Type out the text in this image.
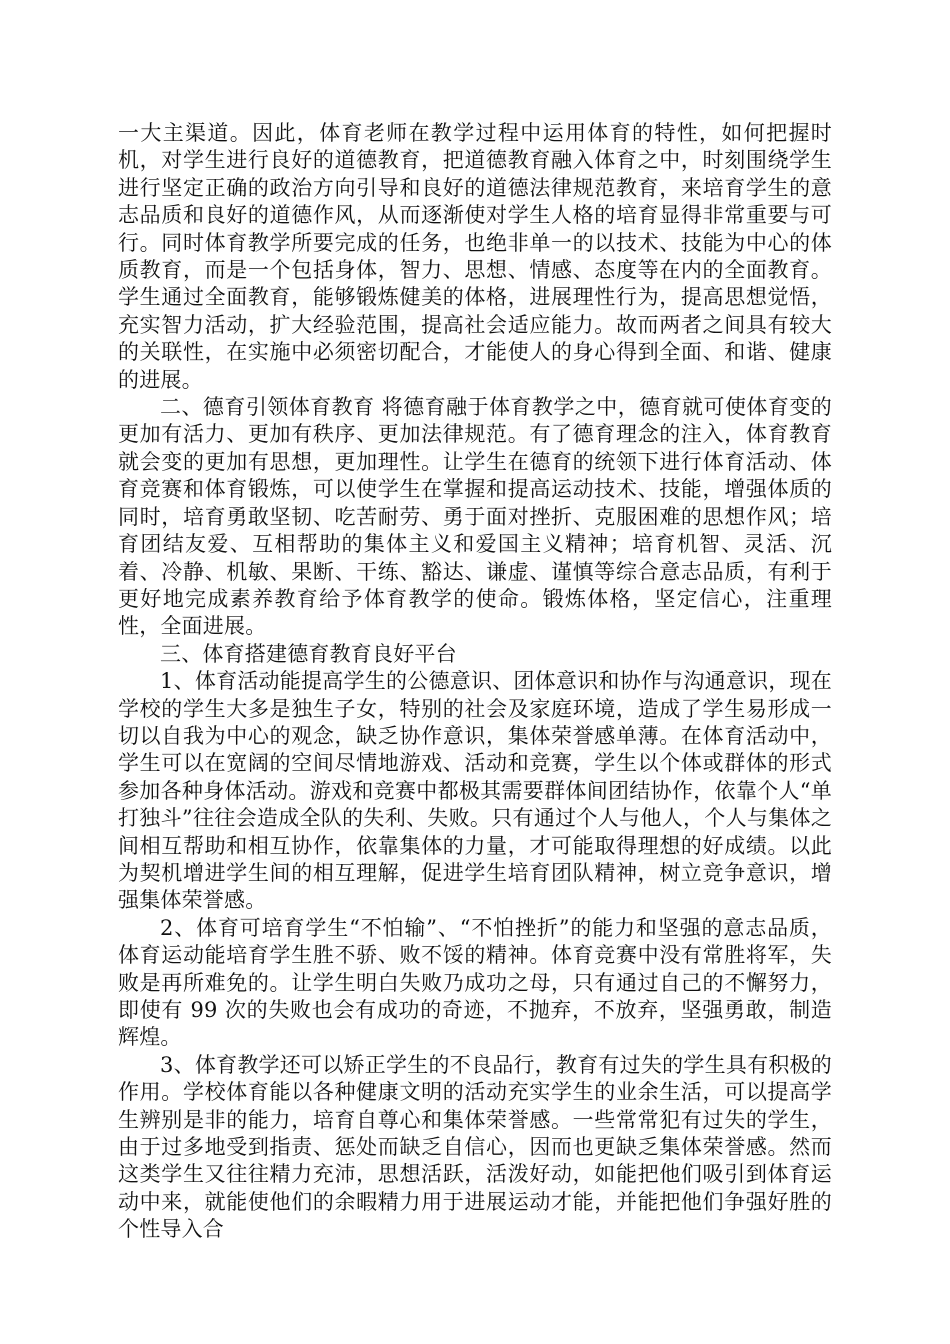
一大主渠道。因此，体育老师在教学过程中运用体育的特性，如何把握时机，对学生进行良好的道德教育，把道德教育融入体育之中，时刻围绕学生进行坚定正确的政治方向引导和良好的道德法律规范教育，来培育学生的意志品质和良好的道德作风，从而逐渐使对学生人格的培育显得非常重要与可行。同时体育教学所要完成的任务，也绝非单一的以技术、技能为中心的体质教育，而是一个包括身体，智力、思想、情感、态度等在内的全面教育。学生通过全面教育，能够锻炼健美的体格，进展理性行为，提高思想觉悟，充实智力活动，扩大经验范围，提高社会适应能力。故而两者之间具有较大的关联性，在实施中必须密切配合，才能使人的身心得到全面、和谐、健康的进展。

二、德育引领体育教育 将德育融于体育教学之中，德育就可使体育变的更加有活力、更加有秩序、更加法律规范。有了德育理念的注入，体育教育就会变的更加有思想，更加理性。让学生在德育的统领下进行体育活动、体育竞赛和体育锻炼，可以使学生在掌握和提高运动技术、技能，增强体质的同时，培育勇敢坚韧、吃苦耐劳、勇于面对挫折、克服困难的思想作风；培育团结友爱、互相帮助的集体主义和爱国主义精神；培育机智、灵活、沉着、冷静、机敏、果断、干练、豁达、谦虚、谨慎等综合意志品质，有利于更好地完成素养教育给予体育教学的使命。锻炼体格，坚定信心，注重理性，全面进展。

三、体育搭建德育教育良好平台

1、体育活动能提高学生的公德意识、团体意识和协作与沟通意识，现在学校的学生大多是独生子女，特别的社会及家庭环境，造成了学生易形成一切以自我为中心的观念，缺乏协作意识，集体荣誉感单薄。在体育活动中，学生可以在宽阔的空间尽情地游戏、活动和竞赛，学生以个体或群体的形式参加各种身体活动。游戏和竞赛中都极其需要群体间团结协作，依靠个人“单打独斗”往往会造成全队的失利、失败。只有通过个人与他人，个人与集体之间相互帮助和相互协作，依靠集体的力量，才可能取得理想的好成绩。以此为契机增进学生间的相互理解，促进学生培育团队精神，树立竞争意识，增强集体荣誉感。

2、体育可培育学生“不怕输”、“不怕挫折”的能力和坚强的意志品质，体育运动能培育学生胜不骄、败不馁的精神。体育竞赛中没有常胜将军，失败是再所难免的。让学生明白失败乃成功之母，只有通过自己的不懈努力，即使有 99 次的失败也会有成功的奇迹，不抛弃，不放弃，坚强勇敢，制造辉煌。

3、体育教学还可以矫正学生的不良品行，教育有过失的学生具有积极的作用。学校体育能以各种健康文明的活动充实学生的业余生活，可以提高学生辨别是非的能力，培育自尊心和集体荣誉感。一些常常犯有过失的学生，由于过多地受到指责、惩处而缺乏自信心，因而也更缺乏集体荣誉感。然而这类学生又往往精力充沛，思想活跃，活泼好动，如能把他们吸引到体育运动中来，就能使他们的余暇精力用于进展运动才能，并能把他们争强好胜的个性导入合
